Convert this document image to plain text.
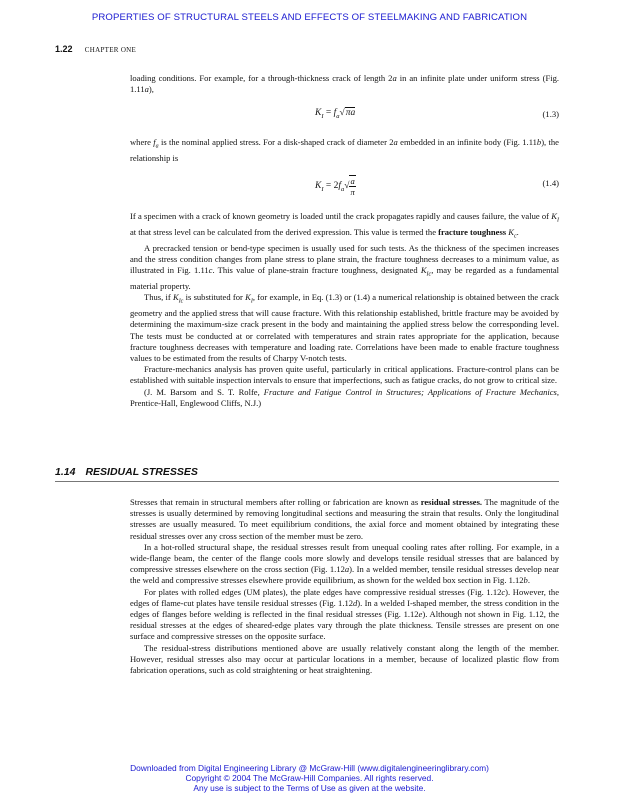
PROPERTIES OF STRUCTURAL STEELS AND EFFECTS OF STEELMAKING AND FABRICATION
1.22 CHAPTER ONE

loading conditions. For example, for a through-thickness crack of length 2a in an infinite plate under uniform stress (Fig. 1.11a),

$K_I = f_a√\pi a$	(1.3)

where $f_a$ is the nominal applied stress. For a disk-shaped crack of diameter 2a embedded in an infinite body (Fig. 1.11b), the relationship is

$K_I = 2f_a√ \frac{a}{\pi}$	(1.4)

If a specimen with a crack of known geometry is loaded until the crack propagates rapidly and causes failure, the value of $K_I$ at that stress level can be calculated from the derived expression. This value is termed the fracture toughness $K_c$.

A precracked tension or bend-type specimen is usually used for such tests. As the thickness of the specimen increases and the stress condition changes from plane stress to plane strain, the fracture toughness decreases to a minimum value, as illustrated in Fig. 1.11c. This value of plane-strain fracture toughness, designated $K_{Ic}$, may be regarded as a fundamental material property.

Thus, if $K_{Ic}$ is substituted for $K_I$, for example, in Eq. (1.3) or (1.4) a numerical relationship is obtained between the crack geometry and the applied stress that will cause fracture. With this relationship established, brittle fracture may be avoided by determining the maximum-size crack present in the body and maintaining the applied stress below the corresponding level. The tests must be conducted at or correlated with temperatures and strain rates appropriate for the application, because fracture toughness decreases with temperature and loading rate. Correlations have been made to enable fracture toughness values to be estimated from the results of Charpy V-notch tests.

Fracture-mechanics analysis has proven quite useful, particularly in critical applications. Fracture-control plans can be established with suitable inspection intervals to ensure that imperfections, such as fatigue cracks, do not grow to critical size.

(J. M. Barsom and S. T. Rolfe, Fracture and Fatigue Control in Structures; Applications of Fracture Mechanics, Prentice-Hall, Englewood Cliffs, N.J.)

1.14 RESIDUAL STRESSES

Stresses that remain in structural members after rolling or fabrication are known as residual stresses. The magnitude of the stresses is usually determined by removing longitudinal sections and measuring the strain that results. Only the longitudinal stresses are usually measured. To meet equilibrium conditions, the axial force and moment obtained by integrating these residual stresses over any cross section of the member must be zero.

In a hot-rolled structural shape, the residual stresses result from unequal cooling rates after rolling. For example, in a wide-flange beam, the center of the flange cools more slowly and develops tensile residual stresses that are balanced by compressive stresses elsewhere on the cross section (Fig. 1.12a). In a welded member, tensile residual stresses develop near the weld and compressive stresses elsewhere provide equilibrium, as shown for the welded box section in Fig. 1.12b.

For plates with rolled edges (UM plates), the plate edges have compressive residual stresses (Fig. 1.12c). However, the edges of flame-cut plates have tensile residual stresses (Fig. 1.12d). In a welded I-shaped member, the stress condition in the edges of flanges before welding is reflected in the final residual stresses (Fig. 1.12e). Although not shown in Fig. 1.12, the residual stresses at the edges of sheared-edge plates vary through the plate thickness. Tensile stresses are present on one surface and compressive stresses on the opposite surface.

The residual-stress distributions mentioned above are usually relatively constant along the length of the member. However, residual stresses also may occur at particular locations in a member, because of localized plastic flow from fabrication operations, such as cold straightening or heat straightening.

Downloaded from Digital Engineering Library @ McGraw-Hill (www.digitalengineeringlibrary.com)
Copyright © 2004 The McGraw-Hill Companies. All rights reserved.
Any use is subject to the Terms of Use as given at the website.
